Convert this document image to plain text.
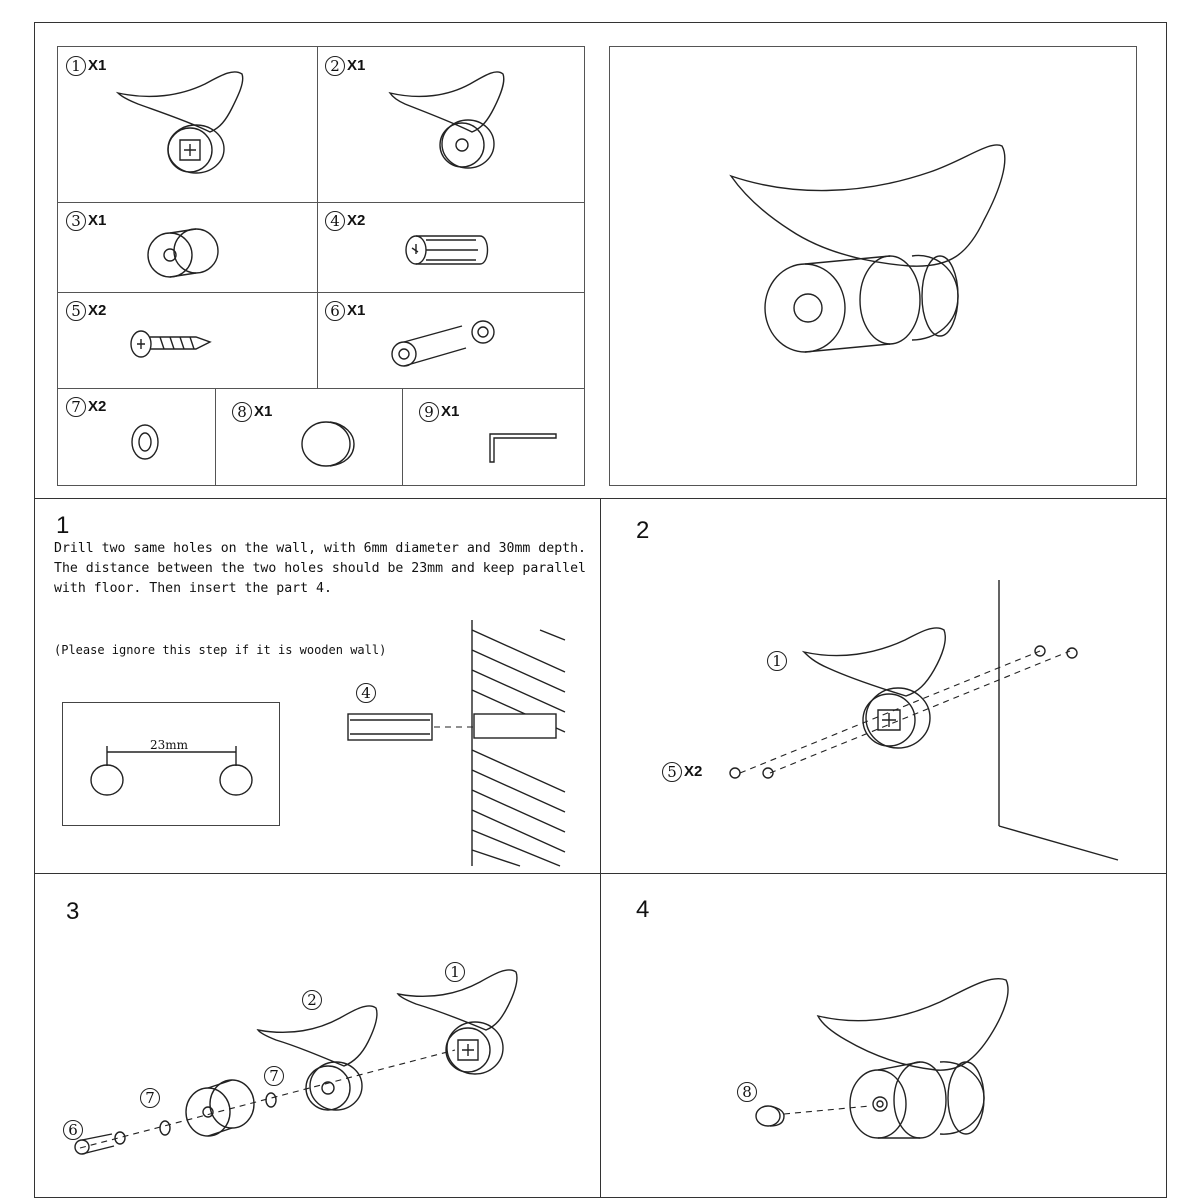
1 X1	2 X1
3 X1	4 X2
5 X2	6 X1
7 X2	8 X1	9 X1
1
Drill two same holes on the wall, with 6mm diameter and 30mm depth. The distance between the two holes should be 23mm and keep parallel with floor. Then insert the part 4.
(Please ignore this step if it is wooden wall)
2
3	4
23mm
4
1
5 X2
6
7
7
2
1
8
